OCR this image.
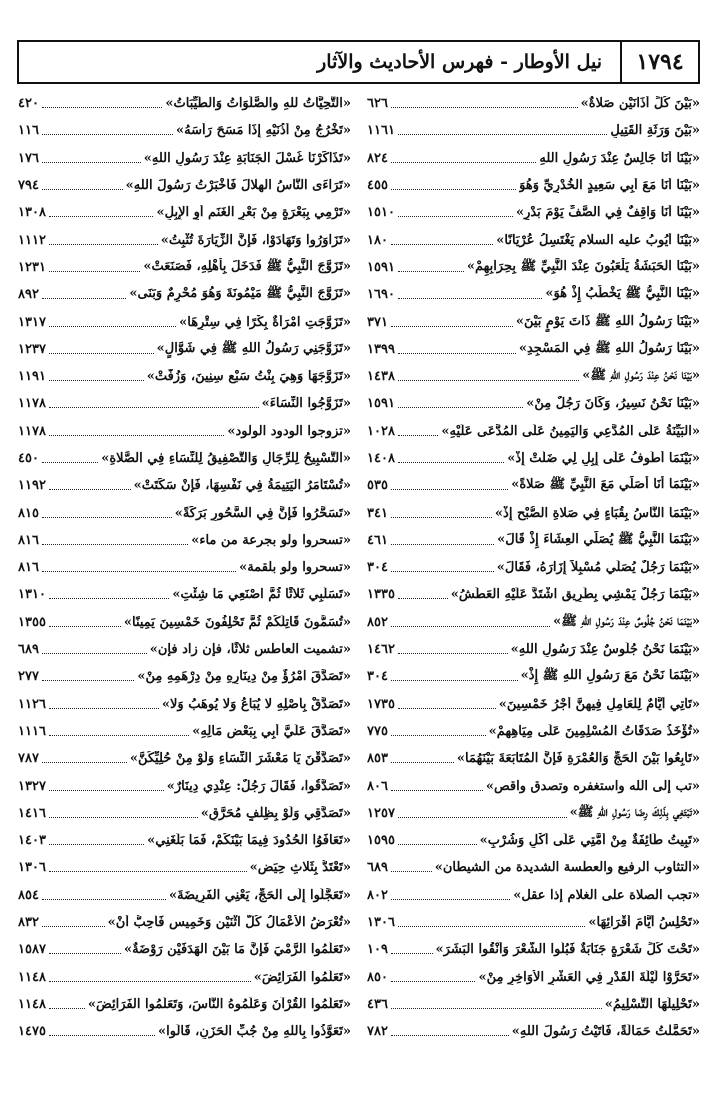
١٧٩٤
نيل الأوطار - فهرس الأحاديث والآثار
«بَيْنَ كُلِّ أَذَانَيْنِ صَلاةٌ»
٦٢٦
«بَيْنَ وَرَثَةِ القَتِيلِ
١١٦١
«بَيْنَا أَنَا جَالِسٌ عِنْدَ رَسُولِ اللهِ
٨٢٤
«بَيْنَا أَنَا مَعَ أَبِي سَعِيدٍ الخُدْرِيِّ وَهُوَ
٤٥٥
«بَيْنَا أَنَا وَاقِفٌ فِي الصَّفِّ يَوْمَ بَدْرٍ»
١٥١٠
«بَيْنَا أَيُوبُ عليه السلام يَغْتَسِلُ عُرْيَانًا»
١٨٠
«بَيْنَا الحَبَشَةُ يَلْعَبُونَ عِنْدَ النَّبِيِّ ﷺ بِحِرَابِهِمْ»
١٥٩١
«بَيْنَا النَّبِيُّ ﷺ يَخْطُبُ إِذْ هُوَ»
١٦٩٠
«بَيْنَا رَسُولُ اللهِ ﷺ ذَاتَ يَوْمٍ بَيْنَ»
٣٧١
«بَيْنَا رَسُولُ اللهِ ﷺ فِي المَسْجِدِ»
١٣٩٩
«بَيْنَا نَحْنُ عِنْدَ رَسُولِ اللهِ ﷺ»
١٤٣٨
«بَيْنَا نَحْنُ نَسِيرُ، وَكَانَ رَجُلٌ مِنْ»
١٥٩١
«البَيِّنَةُ عَلَى المُدَّعِي وَاليَمِينُ عَلَى المُدَّعَى عَلَيْهِ»
١٠٢٨
«بَيْنَمَا أَطُوفُ عَلَى إِبِلٍ لِي ضَلَّتْ إِذْ»
١٤٠٨
«بَيْنَمَا أَنَا أُصَلِّي مَعَ النَّبِيِّ ﷺ صَلاةً»
٥٣٥
«بَيْنَمَا النَّاسُ بِقُبَاءٍ فِي صَلاةِ الصُّبْحِ إِذْ»
٣٤١
«بَيْنَمَا النَّبِيُّ ﷺ يُصَلِّي العِشَاءَ إِذْ قَالَ»
٤٦١
«بَيْنَمَا رَجُلٌ يُصَلِّي مُسْبِلاً إِزَارَهُ، فَقَالَ»
٣٠٤
«بَيْنَمَا رَجُلٌ يَمْشِي بِطَرِيقٍ اشْتَدَّ عَلَيْهِ العَطَشُ»
١٣٣٥
«بَيْنَمَا نَحْنُ جُلُوسٌ عِنْدَ رَسُولِ اللهِ ﷺ»
٨٥٢
«بَيْنَمَا نَحْنُ جُلُوسٌ عِنْدَ رَسُولِ اللهِ»
١٤٦٢
«بَيْنَمَا نَحْنُ مَعَ رَسُولِ اللهِ ﷺ إِذْ»
٣٠٤
«تَأْتِي أَيَّامٌ لِلْعَامِلِ فِيهِنَّ أَجْرُ خَمْسِينَ»
١٧٣٥
«تُؤْخَذُ صَدَقَاتُ المُسْلِمِينَ عَلَى مِيَاهِهِمْ»
٧٧٥
«تَابِعُوا بَيْنَ الحَجِّ وَالعُمْرَةِ فَإِنَّ المُتَابَعَةَ بَيْنَهُمَا»
٨٥٣
«تب إلى الله واستغفره وتصدق واقص»
٨٠٦
«تَبْتَغِي بِذَلِكَ رِضَا رَسُولِ اللهِ ﷺ»
١٢٥٧
«تَبِيتُ طَائِفَةٌ مِنْ أُمَّتِي عَلَى أَكْلٍ وَشُرْبٍ»
١٥٩٥
«التثاوب الرفيع والعطسة الشديدة من الشيطان»
٦٨٩
«تجب الصلاة على الغلام إذا عقل»
٨٠٢
«تَحْلِسُ أَيَّامَ أَقْرَائِهَا»
١٣٠٦
«تَحْتَ كُلِّ شَعْرَةٍ جَنَابَةٌ فَبُلُّوا الشَّعْرَ وَأَنْقُوا البَشَرَ»
١٠٩
«تَحَرَّوْا لَيْلَةَ القَدْرِ فِي العَشْرِ الأَوَاخِرِ مِنْ»
٨٥٠
«تَحْلِيلُهَا التَّسْلِيمُ»
٤٣٦
«تَحَمَّلْتُ حَمَالَةً، فَأَتَيْتُ رَسُولَ اللهِ»
٧٨٢
«التَّحِيَّاتُ للهِ والصَّلَوَاتُ وَالطَّيِّبَاتُ»
٤٢٠
«تَخْرُجُ مِنْ أُذُنَيْهِ إِذَا مَسَحَ رَأْسَهُ»
١١٦
«تَذَاكَرْنَا غُسْلَ الجَنَابَةِ عِنْدَ رَسُولِ اللهِ»
١٧٦
«تَرَاءَى النَّاسُ الهِلالَ فَأَخْبَرْتُ رَسُولَ اللهِ»
٧٩٤
«تَرْمِي بِبَعْرَةٍ مِنْ بَعْرِ الغَنَمِ أَوِ الإِبِلِ»
١٣٠٨
«تَزَاوَرُوا وَتَهَادَوْا، فَإِنَّ الزِّيَارَةَ تُثْبِتُ»
١١١٢
«تَزَوَّجَ النَّبِيُّ ﷺ فَدَخَلَ بِأَهْلِهِ، فَصَنَعَتْ»
١٢٣١
«تَزَوَّجَ النَّبِيُّ ﷺ مَيْمُونَةَ وَهُوَ مُحْرِمٌ وَبَنَى»
٨٩٢
«تَزَوَّجَتِ امْرَأَةٌ بِكْرًا فِي سِتْرِهَا»
١٣١٧
«تَزَوَّجَنِي رَسُولُ اللهِ ﷺ فِي شَوَّالٍ»
١٢٣٧
«تَزَوَّجَهَا وَهِيَ بِنْتُ سَبْعِ سِنِينَ، وَزُفَّتْ»
١١٩١
«تَزَوَّجُوا النِّسَاءَ»
١١٧٨
«تزوجوا الودود الولود»
١١٧٨
«التَّسْبِيحُ لِلرِّجَالِ وَالتَّصْفِيقُ لِلنِّسَاءِ فِي الصَّلاةِ»
٤٥٠
«تُسْتَأْمَرُ اليَتِيمَةُ فِي نَفْسِهَا، فَإِنْ سَكَتَتْ»
١١٩٢
«تَسَحَّرُوا فَإِنَّ فِي السَّحُورِ بَرَكَةً»
٨١٥
«تسحروا ولو بجرعة من ماء»
٨١٦
«تسحروا ولو بلقمة»
٨١٦
«تَسَلَّبِي ثَلاثًا ثُمَّ اصْنَعِي مَا شِئْتِ»
١٣١٠
«تُسَمُّونَ قَاتِلَكُمْ ثُمَّ تَحْلِفُونَ خَمْسِينَ يَمِينًا»
١٣٥٥
«تشميت العاطس ثلاثًا، فإن زاد فإن»
٦٨٩
«تَصَدَّقَ امْرُؤٌ مِنْ دِينَارِهِ مِنْ دِرْهَمِهِ مِنْ»
٢٧٧
«تَصَدَّقْ بِأَصْلِهِ لا يُبَاعُ وَلا يُوهَبُ وَلا»
١١٢٦
«تَصَدَّقَ عَلَيَّ أَبِي بِبَعْضِ مَالِهِ»
١١١٦
«تَصَدَّقْنَ يَا مَعْشَرَ النِّسَاءِ وَلَوْ مِنْ حُلِيِّكُنَّ»
٧٨٧
«تَصَدَّقُوا، فَقَالَ رَجُلٌ: عِنْدِي دِينَارٌ»
١٣٢٧
«تَصَدَّقِي وَلَوْ بِظِلْفٍ مُحَرَّقٍ»
١٤١٦
«تَعَافَوُا الحُدُودَ فِيمَا بَيْنَكُمْ، فَمَا بَلَغَنِي»
١٤٠٣
«تَعْتَدُّ بِثَلاثِ حِيَضٍ»
١٣٠٦
«تَعَجَّلُوا إِلَى الحَجِّ، يَعْنِي الفَرِيضَةَ»
٨٥٤
«تُعْرَضُ الأَعْمَالُ كُلَّ اثْنَيْنِ وَخَمِيسٍ فَأُحِبُّ أَنْ»
٨٣٢
«تَعَلَّمُوا الرَّمْيَ فَإِنَّ مَا بَيْنَ الهَدَفَيْنِ رَوْضَةٌ»
١٥٨٧
«تَعَلَّمُوا الفَرَائِضَ»
١١٤٨
«تَعَلَّمُوا القُرْآنَ وَعَلِّمُوهُ النَّاسَ، وَتَعَلَّمُوا الفَرَائِضَ»
١١٤٨
«تَعَوَّذُوا بِاللهِ مِنْ جُبِّ الحَزَنِ، قَالُوا»
١٤٧٥
